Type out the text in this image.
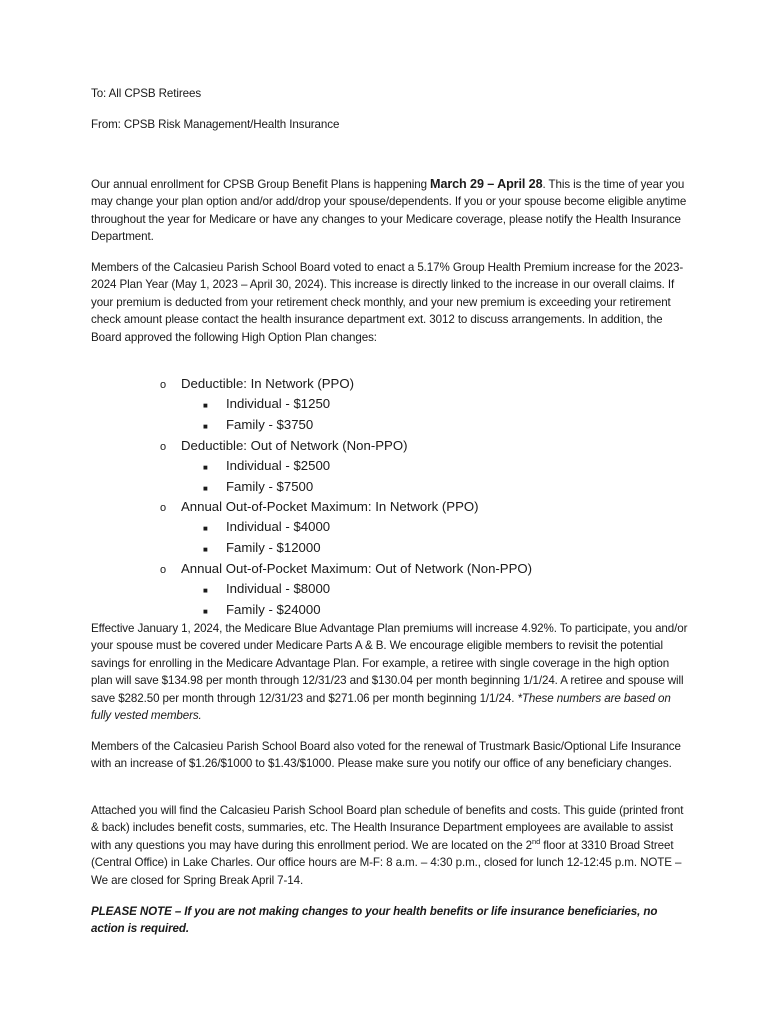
To: All CPSB Retirees
From: CPSB Risk Management/Health Insurance
Our annual enrollment for CPSB Group Benefit Plans is happening March 29 – April 28. This is the time of year you may change your plan option and/or add/drop your spouse/dependents. If you or your spouse become eligible anytime throughout the year for Medicare or have any changes to your Medicare coverage, please notify the Health Insurance Department.
Members of the Calcasieu Parish School Board voted to enact a 5.17% Group Health Premium increase for the 2023-2024 Plan Year (May 1, 2023 – April 30, 2024). This increase is directly linked to the increase in our overall claims. If your premium is deducted from your retirement check monthly, and your new premium is exceeding your retirement check amount please contact the health insurance department ext. 3012 to discuss arrangements. In addition, the Board approved the following High Option Plan changes:
o	Deductible: In Network (PPO)
■	Individual - $1250
■	Family - $3750
o	Deductible: Out of Network (Non-PPO)
■	Individual - $2500
■	Family - $7500
o	Annual Out-of-Pocket Maximum: In Network (PPO)
■	Individual - $4000
■	Family - $12000
o	Annual Out-of-Pocket Maximum: Out of Network (Non-PPO)
■	Individual - $8000
■	Family - $24000
Effective January 1, 2024, the Medicare Blue Advantage Plan premiums will increase 4.92%. To participate, you and/or your spouse must be covered under Medicare Parts A & B. We encourage eligible members to revisit the potential savings for enrolling in the Medicare Advantage Plan. For example, a retiree with single coverage in the high option plan will save $134.98 per month through 12/31/23 and $130.04 per month beginning 1/1/24. A retiree and spouse will save $282.50 per month through 12/31/23 and $271.06 per month beginning 1/1/24. *These numbers are based on fully vested members.
Members of the Calcasieu Parish School Board also voted for the renewal of Trustmark Basic/Optional Life Insurance with an increase of $1.26/$1000 to $1.43/$1000. Please make sure you notify our office of any beneficiary changes.
Attached you will find the Calcasieu Parish School Board plan schedule of benefits and costs. This guide (printed front & back) includes benefit costs, summaries, etc. The Health Insurance Department employees are available to assist with any questions you may have during this enrollment period. We are located on the 2nd floor at 3310 Broad Street (Central Office) in Lake Charles. Our office hours are M-F: 8 a.m. – 4:30 p.m., closed for lunch 12-12:45 p.m. NOTE – We are closed for Spring Break April 7-14.
PLEASE NOTE – If you are not making changes to your health benefits or life insurance beneficiaries, no action is required.
